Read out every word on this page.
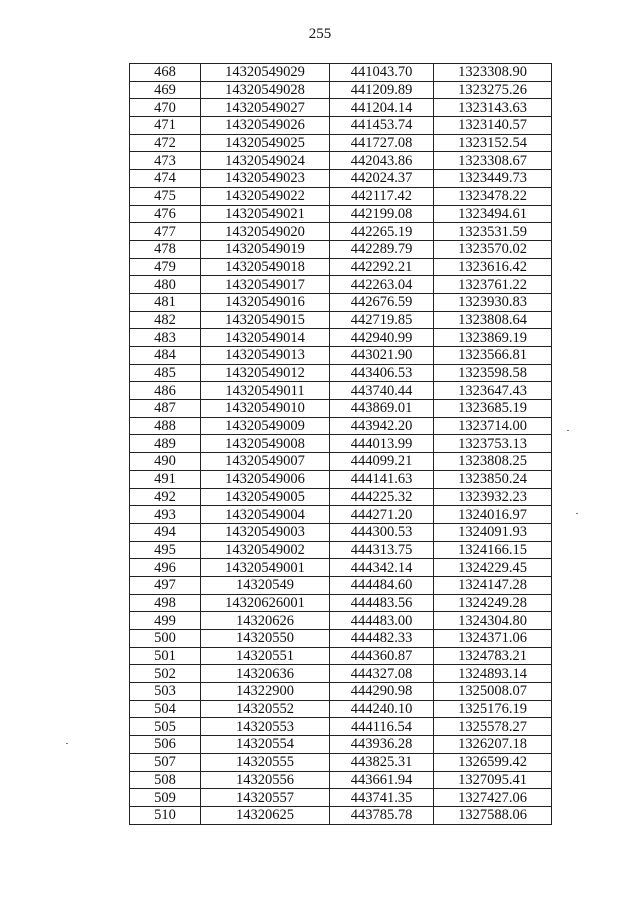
255
468	14320549029	441043.70	1323308.90
469	14320549028	441209.89	1323275.26
470	14320549027	441204.14	1323143.63
471	14320549026	441453.74	1323140.57
472	14320549025	441727.08	1323152.54
473	14320549024	442043.86	1323308.67
474	14320549023	442024.37	1323449.73
475	14320549022	442117.42	1323478.22
476	14320549021	442199.08	1323494.61
477	14320549020	442265.19	1323531.59
478	14320549019	442289.79	1323570.02
479	14320549018	442292.21	1323616.42
480	14320549017	442263.04	1323761.22
481	14320549016	442676.59	1323930.83
482	14320549015	442719.85	1323808.64
483	14320549014	442940.99	1323869.19
484	14320549013	443021.90	1323566.81
485	14320549012	443406.53	1323598.58
486	14320549011	443740.44	1323647.43
487	14320549010	443869.01	1323685.19
488	14320549009	443942.20	1323714.00
489	14320549008	444013.99	1323753.13
490	14320549007	444099.21	1323808.25
491	14320549006	444141.63	1323850.24
492	14320549005	444225.32	1323932.23
493	14320549004	444271.20	1324016.97
494	14320549003	444300.53	1324091.93
495	14320549002	444313.75	1324166.15
496	14320549001	444342.14	1324229.45
497	14320549	444484.60	1324147.28
498	14320626001	444483.56	1324249.28
499	14320626	444483.00	1324304.80
500	14320550	444482.33	1324371.06
501	14320551	444360.87	1324783.21
502	14320636	444327.08	1324893.14
503	14322900	444290.98	1325008.07
504	14320552	444240.10	1325176.19
505	14320553	444116.54	1325578.27
506	14320554	443936.28	1326207.18
507	14320555	443825.31	1326599.42
508	14320556	443661.94	1327095.41
509	14320557	443741.35	1327427.06
510	14320625	443785.78	1327588.06
